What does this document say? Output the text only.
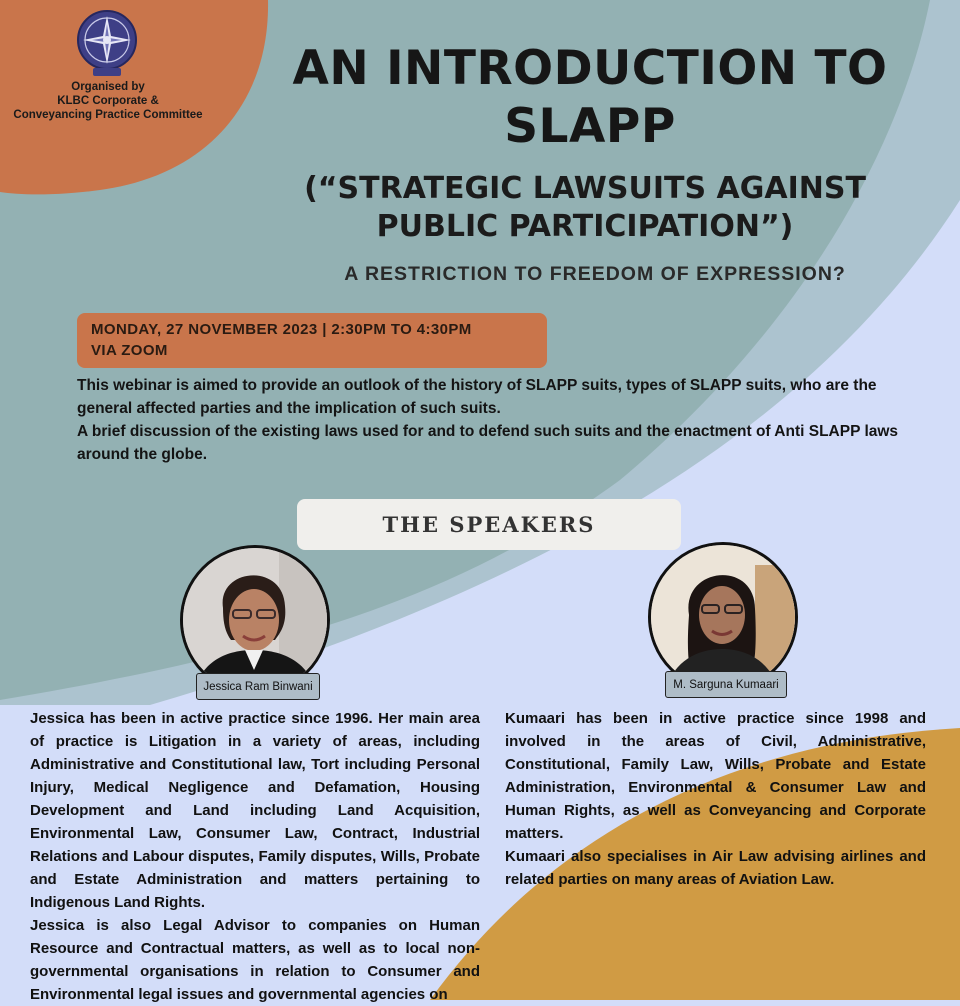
Organised by
KLBC Corporate &
Conveyancing Practice Committee
AN INTRODUCTION TO
SLAPP
(“STRATEGIC LAWSUITS AGAINST
PUBLIC PARTICIPATION”)
A RESTRICTION TO FREEDOM OF EXPRESSION?
MONDAY, 27 NOVEMBER 2023 | 2:30PM TO 4:30PM
VIA ZOOM

This webinar is aimed to provide an outlook of the history of SLAPP suits, types of SLAPP suits, who are the general affected parties and the implication of such suits.

A brief discussion of the existing laws used for and to defend such suits and the enactment of Anti SLAPP laws around the globe.

THE SPEAKERS
Jessica Ram Binwani	M. Sarguna Kumaari

Jessica has been in active practice since 1996. Her main area of practice is Litigation in a variety of areas, including Administrative and Constitutional law, Tort including Personal Injury, Medical Negligence and Defamation, Housing Development and Land including Land Acquisition, Environmental Law, Consumer Law, Contract, Industrial Relations and Labour disputes, Family disputes, Wills, Probate and Estate Administration and matters pertaining to Indigenous Land Rights.

Jessica is also Legal Advisor to companies on Human Resource and Contractual matters, as well as to local non-governmental organisations in relation to Consumer and Environmental legal issues and governmental agencies on

Kumaari has been in active practice since 1998 and involved in the areas of Civil, Administrative, Constitutional, Family Law, Wills, Probate and Estate Administration, Environmental & Consumer Law and Human Rights, as well as Conveyancing and Corporate matters.

Kumaari also specialises in Air Law advising airlines and related parties on many areas of Aviation Law.
